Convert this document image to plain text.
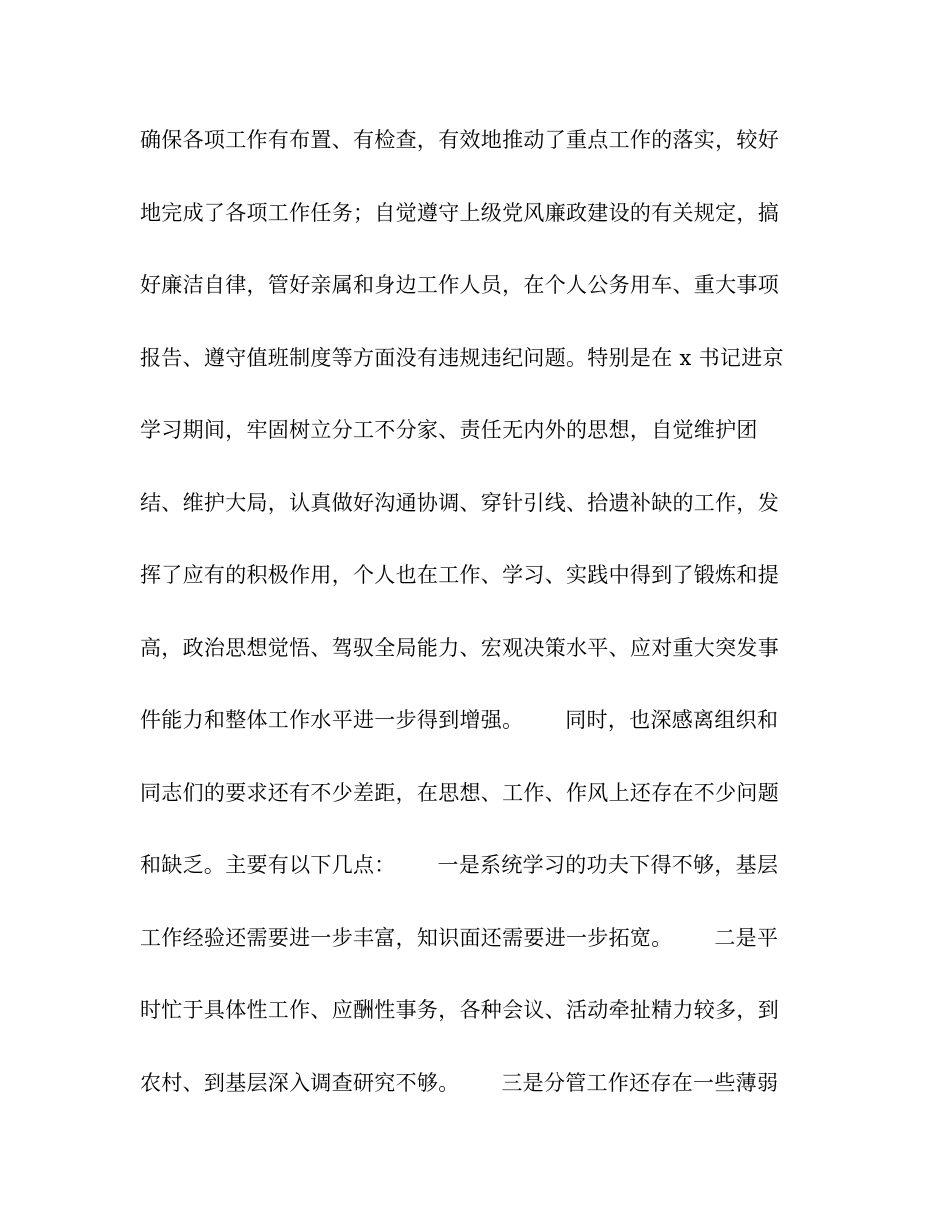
确保各项工作有布置、有检查，有效地推动了重点工作的落实，较好
地完成了各项工作任务；自觉遵守上级党风廉政建设的有关规定，搞
好廉洁自律，管好亲属和身边工作人员，在个人公务用车、重大事项
报告、遵守值班制度等方面没有违规违纪问题。特别是在 x 书记进京
学习期间，牢固树立分工不分家、责任无内外的思想，自觉维护团
结、维护大局，认真做好沟通协调、穿针引线、拾遗补缺的工作，发
挥了应有的积极作用，个人也在工作、学习、实践中得到了锻炼和提
高，政治思想觉悟、驾驭全局能力、宏观决策水平、应对重大突发事
件能力和整体工作水平进一步得到增强。      同时，也深感离组织和
同志们的要求还有不少差距，在思想、工作、作风上还存在不少问题
和缺乏。主要有以下几点：      一是系统学习的功夫下得不够，基层
工作经验还需要进一步丰富，知识面还需要进一步拓宽。      二是平
时忙于具体性工作、应酬性事务，各种会议、活动牵扯精力较多，到
农村、到基层深入调查研究不够。      三是分管工作还存在一些薄弱
